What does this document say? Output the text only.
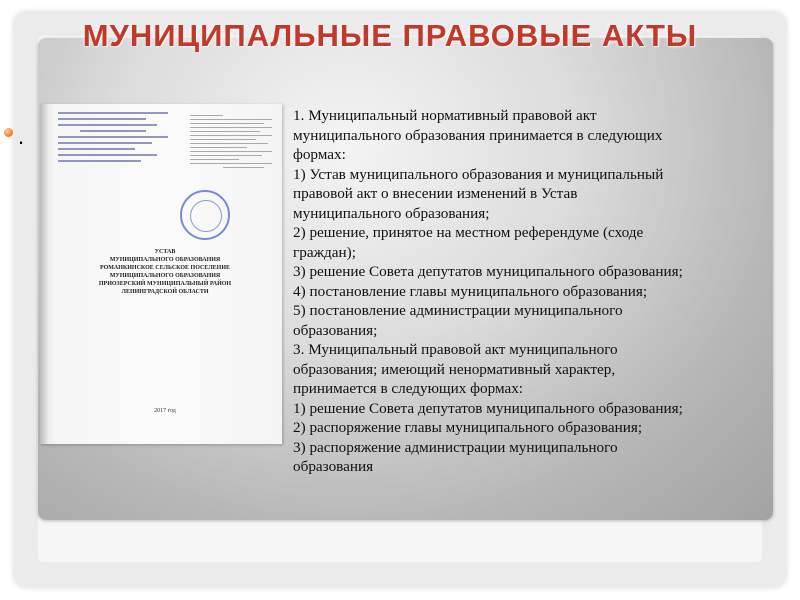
МУНИЦИПАЛЬНЫЕ ПРАВОВЫЕ АКТЫ
.
УСТАВ
МУНИЦИПАЛЬНОГО ОБРАЗОВАНИЯ
РОМАНКИНСКОЕ СЕЛЬСКОЕ ПОСЕЛЕНИЕ
МУНИЦИПАЛЬНОГО ОБРАЗОВАНИЯ
ПРИОЗЕРСКИЙ МУНИЦИПАЛЬНЫЙ РАЙОН
ЛЕНИНГРАДСКОЙ ОБЛАСТИ
2017 год
1. Муниципальный нормативный правовой акт
муниципального образования принимается в следующих
формах:
1) Устав муниципального образования и муниципальный
правовой акт о внесении изменений в Устав
муниципального образования;
2) решение, принятое на местном референдуме (сходе
граждан);
3) решение Совета депутатов муниципального образования;
4) постановление главы муниципального образования;
5) постановление администрации муниципального
образования;
3. Муниципальный правовой акт муниципального
образования; имеющий ненормативный характер,
принимается в следующих формах:
1) решение Совета депутатов муниципального образования;
2) распоряжение главы муниципального образования;
3) распоряжение администрации муниципального
образования
